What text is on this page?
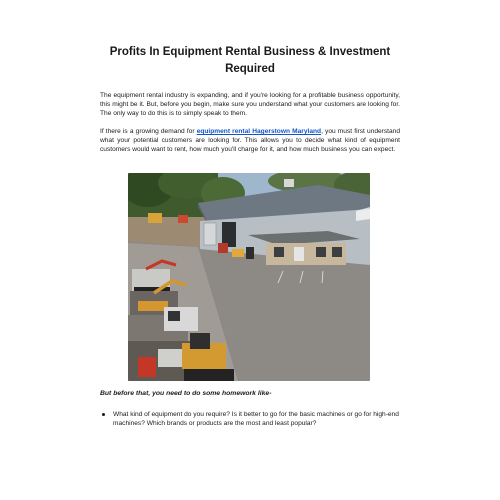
Profits In Equipment Rental Business & Investment Required

The equipment rental industry is expanding, and if you're looking for a profitable business opportunity, this might be it. But, before you begin, make sure you understand what your customers are looking for. The only way to do this is to simply speak to them.

If there is a growing demand for equipment rental Hagerstown Maryland, you must first understand what your potential customers are looking for. This allows you to decide what kind of equipment customers would want to rent, how much you'll charge for it, and how much business you can expect.

But before that, you need to do some homework like-
What kind of equipment do you require? Is it better to go for the basic machines or go for high-end machines? Which brands or products are the most and least popular?
